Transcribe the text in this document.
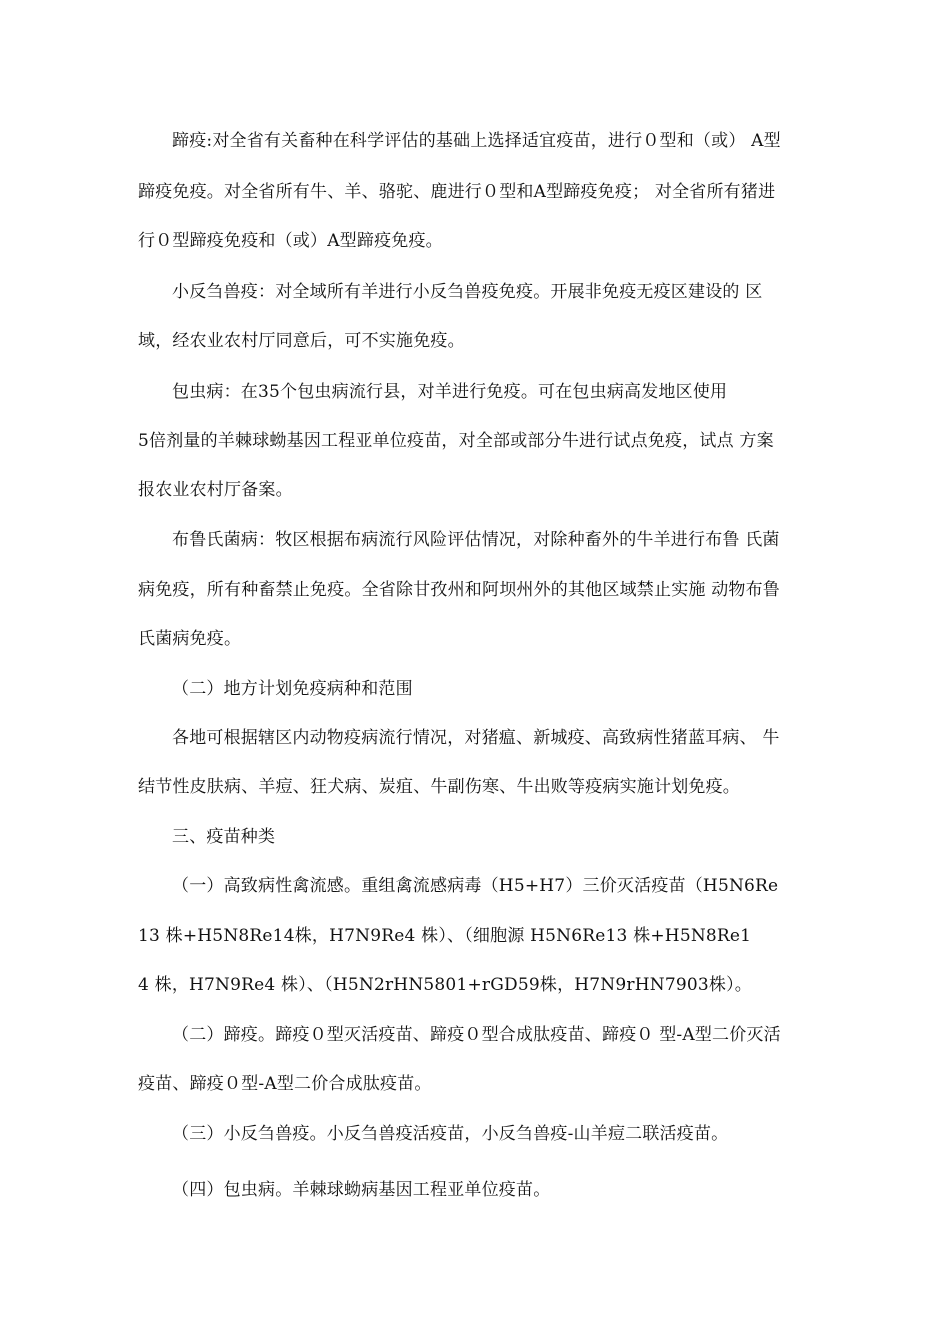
蹄疫:对全省有关畜种在科学评估的基础上选择适宜疫苗，进行０型和（或） A型
蹄疫免疫。对全省所有牛、羊、骆驼、鹿进行０型和A型蹄疫免疫； 对全省所有猪进
行０型蹄疫免疫和（或）A型蹄疫免疫。
小反刍兽疫：对全域所有羊进行小反刍兽疫免疫。开展非免疫无疫区建设的 区
域，经农业农村厅同意后，可不实施免疫。
包虫病：在35个包虫病流行县，对羊进行免疫。可在包虫病高发地区使用
5倍剂量的羊棘球蚴基因工程亚单位疫苗，对全部或部分牛进行试点免疫，试点 方案
报农业农村厅备案。
布鲁氏菌病：牧区根据布病流行风险评估情况，对除种畜外的牛羊进行布鲁 氏菌
病免疫，所有种畜禁止免疫。全省除甘孜州和阿坝州外的其他区域禁止实施 动物布鲁
氏菌病免疫。
（二）地方计划免疫病种和范围
各地可根据辖区内动物疫病流行情况，对猪瘟、新城疫、高致病性猪蓝耳病、 牛
结节性皮肤病、羊痘、狂犬病、炭疽、牛副伤寒、牛出败等疫病实施计划免疫。
三、疫苗种类
（一）高致病性禽流感。重组禽流感病毒（H5+H7）三价灭活疫苗（H5N6Re
13 株+H5N8Re14株，H7N9Re4 株）、（细胞源 H5N6Re13 株+H5N8Re1
4 株，H7N9Re4 株）、（H5N2rHN5801+rGD59株，H7N9rHN7903株）。
（二）蹄疫。蹄疫０型灭活疫苗、蹄疫０型合成肽疫苗、蹄疫０ 型-A型二价灭活
疫苗、蹄疫０型-A型二价合成肽疫苗。
（三）小反刍兽疫。小反刍兽疫活疫苗，小反刍兽疫-山羊痘二联活疫苗。
（四）包虫病。羊棘球蚴病基因工程亚单位疫苗。
